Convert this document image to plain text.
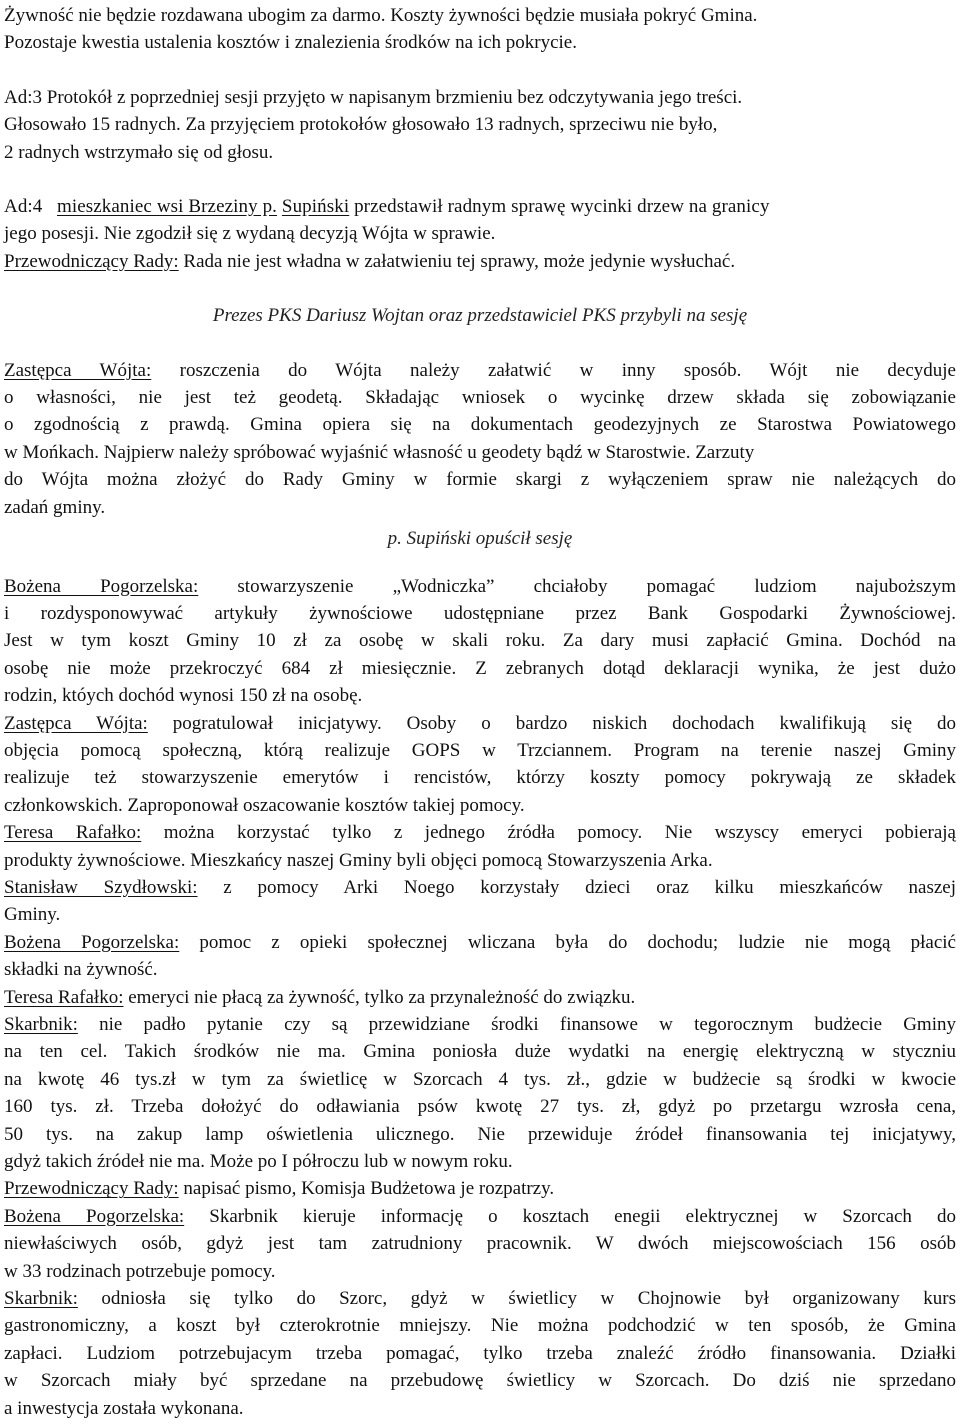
Żywność nie będzie rozdawana ubogim za darmo. Koszty żywności będzie musiała pokryć Gmina.

Pozostaje kwestia ustalenia kosztów i znalezienia środków na ich pokrycie.

Ad:3 Protokół z poprzedniej sesji przyjęto w napisanym brzmieniu bez odczytywania jego treści.

Głosowało 15 radnych. Za przyjęciem protokołów głosowało 13 radnych, sprzeciwu nie było,

2 radnych wstrzymało się od głosu.

Ad:4 mieszkaniec wsi Brzeziny p. Supiński przedstawił radnym sprawę wycinki drzew na granicy

jego posesji. Nie zgodził się z wydaną decyzją Wójta w sprawie.

Przewodniczący Rady: Rada nie jest władna w załatwieniu tej sprawy, może jedynie wysłuchać.

Prezes PKS Dariusz Wojtan oraz przedstawiciel PKS przybyli na sesję

Zastępca Wójta: roszczenia do Wójta należy załatwić w inny sposób. Wójt nie decyduje

o własności, nie jest też geodetą. Składając wniosek o wycinkę drzew składa się zobowiązanie

o zgodnością z prawdą. Gmina opiera się na dokumentach geodezyjnych ze Starostwa Powiatowego

w Mońkach. Najpierw należy spróbować wyjaśnić własność u geodety bądź w Starostwie. Zarzuty

do Wójta można złożyć do Rady Gminy w formie skargi z wyłączeniem spraw nie należących do

zadań gminy.

p. Supiński opuścił sesję

Bożena Pogorzelska: stowarzyszenie „Wodniczka” chciałoby pomagać ludziom najuboższym

i rozdysponowywać artykuły żywnościowe udostępniane przez Bank Gospodarki Żywnościowej.

Jest w tym koszt Gminy 10 zł za osobę w skali roku. Za dary musi zapłacić Gmina. Dochód na

osobę nie może przekroczyć 684 zł miesięcznie. Z zebranych dotąd deklaracji wynika, że jest dużo

rodzin, któych dochód wynosi 150 zł na osobę.

Zastępca Wójta: pogratulował inicjatywy. Osoby o bardzo niskich dochodach kwalifikują się do

objęcia pomocą społeczną, którą realizuje GOPS w Trzciannem. Program na terenie naszej Gminy

realizuje też stowarzyszenie emerytów i rencistów, którzy koszty pomocy pokrywają ze składek

członkowskich. Zaproponował oszacowanie kosztów takiej pomocy.

Teresa Rafałko: można korzystać tylko z jednego źródła pomocy. Nie wszyscy emeryci pobierają

produkty żywnościowe. Mieszkańcy naszej Gminy byli objęci pomocą Stowarzyszenia Arka.

Stanisław Szydłowski: z pomocy Arki Noego korzystały dzieci oraz kilku mieszkańców naszej

Gminy.

Bożena Pogorzelska: pomoc z opieki społecznej wliczana była do dochodu; ludzie nie mogą płacić

składki na żywność.

Teresa Rafałko: emeryci nie płacą za żywność, tylko za przynależność do związku.

Skarbnik: nie padło pytanie czy są przewidziane środki finansowe w tegorocznym budżecie Gminy

na ten cel. Takich środków nie ma. Gmina poniosła duże wydatki na energię elektryczną w styczniu

na kwotę 46 tys.zł w tym za świetlicę w Szorcach 4 tys. zł., gdzie w budżecie są środki w kwocie

160 tys. zł. Trzeba dołożyć do odławiania psów kwotę 27 tys. zł, gdyż po przetargu wzrosła cena,

50 tys. na zakup lamp oświetlenia ulicznego. Nie przewiduje źródeł finansowania tej inicjatywy,

gdyż takich źródeł nie ma. Może po I półroczu lub w nowym roku.

Przewodniczący Rady: napisać pismo, Komisja Budżetowa je rozpatrzy.

Bożena Pogorzelska: Skarbnik kieruje informację o kosztach enegii elektrycznej w Szorcach do

niewłaściwych osób, gdyż jest tam zatrudniony pracownik. W dwóch miejscowościach 156 osób

w 33 rodzinach potrzebuje pomocy.

Skarbnik: odniosła się tylko do Szorc, gdyż w świetlicy w Chojnowie był organizowany kurs

gastronomiczny, a koszt był czterokrotnie mniejszy. Nie można podchodzić w ten sposób, że Gmina

zapłaci. Ludziom potrzebujacym trzeba pomagać, tylko trzeba znaleźć źródło finansowania. Działki

w Szorcach miały być sprzedane na przebudowę świetlicy w Szorcach. Do dziś nie sprzedano

a inwestycja została wykonana.
